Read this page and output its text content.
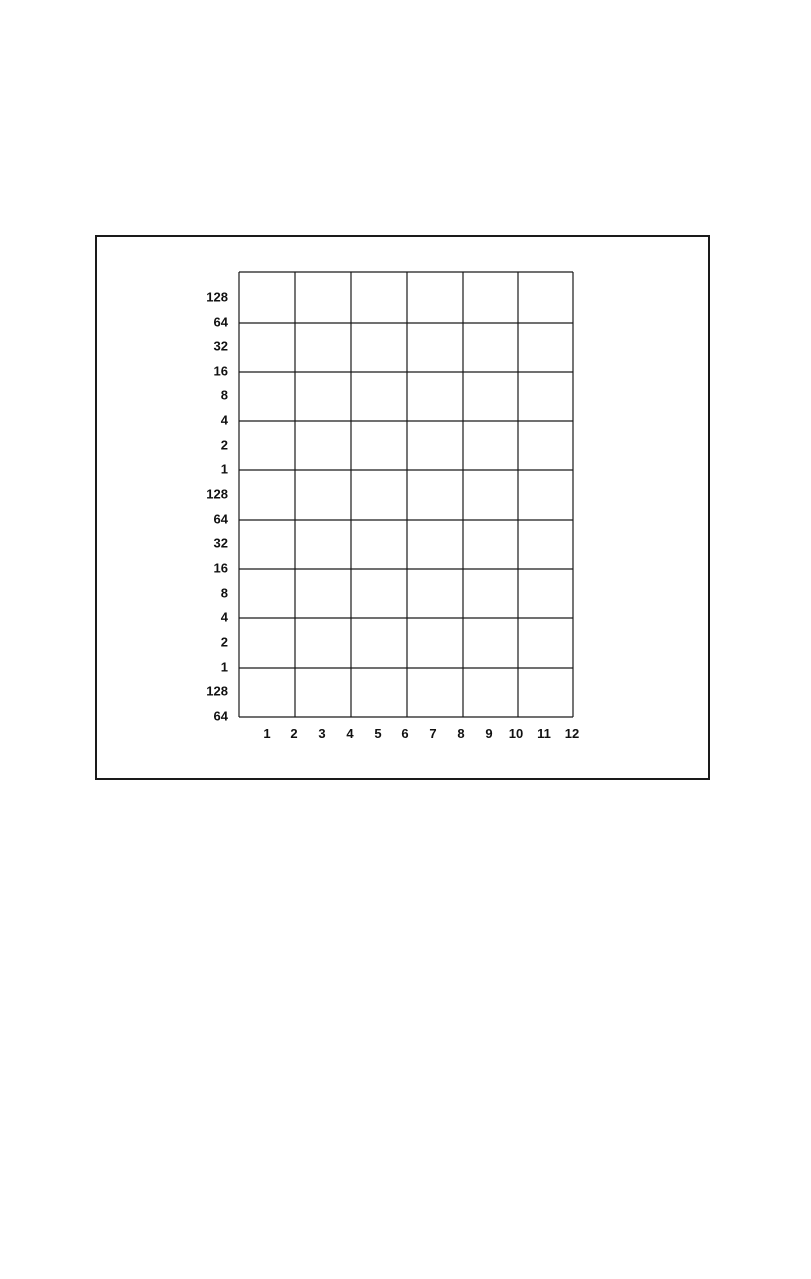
128
64
32
16
8
4
2
1
128
64
32
16
8
4
2
1
128
64
1 2 3 4 5 6 7 8 9 10 11 12
